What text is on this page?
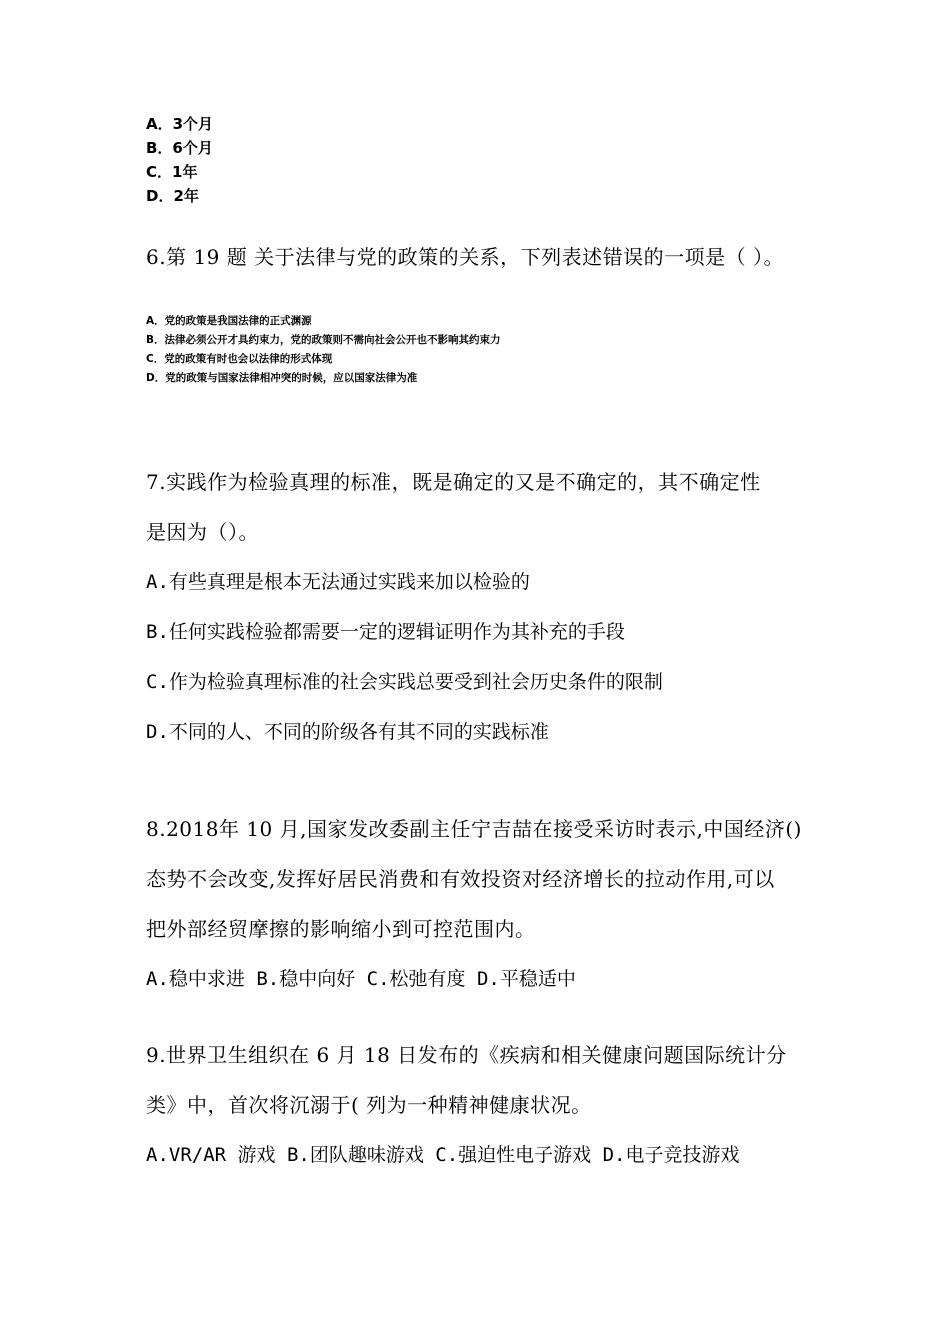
A．3个月

B．6个月

C．1年

D．2年

6.第 19 题 关于法律与党的政策的关系，下列表述错误的一项是（ ）。

A．党的政策是我国法律的正式渊源

B．法律必须公开才具约束力，党的政策则不需向社会公开也不影响其约束力

C．党的政策有时也会以法律的形式体现

D．党的政策与国家法律相冲突的时候，应以国家法律为准

7.实践作为检验真理的标准，既是确定的又是不确定的，其不确定性

是因为（）。

A.有些真理是根本无法通过实践来加以检验的

B.任何实践检验都需要一定的逻辑证明作为其补充的手段

C.作为检验真理标准的社会实践总要受到社会历史条件的限制

D.不同的人、不同的阶级各有其不同的实践标准

8.2018年 10 月,国家发改委副主任宁吉喆在接受采访时表示,中国经济()

态势不会改变,发挥好居民消费和有效投资对经济增长的拉动作用,可以

把外部经贸摩擦的影响缩小到可控范围内。

A.稳中求进 B.稳中向好 C.松弛有度 D.平稳适中

9.世界卫生组织在 6 月 18 日发布的《疾病和相关健康问题国际统计分

类》中，首次将沉溺于( 列为一种精神健康状况。

A.VR/AR 游戏 B.团队趣味游戏 C.强迫性电子游戏 D.电子竞技游戏
